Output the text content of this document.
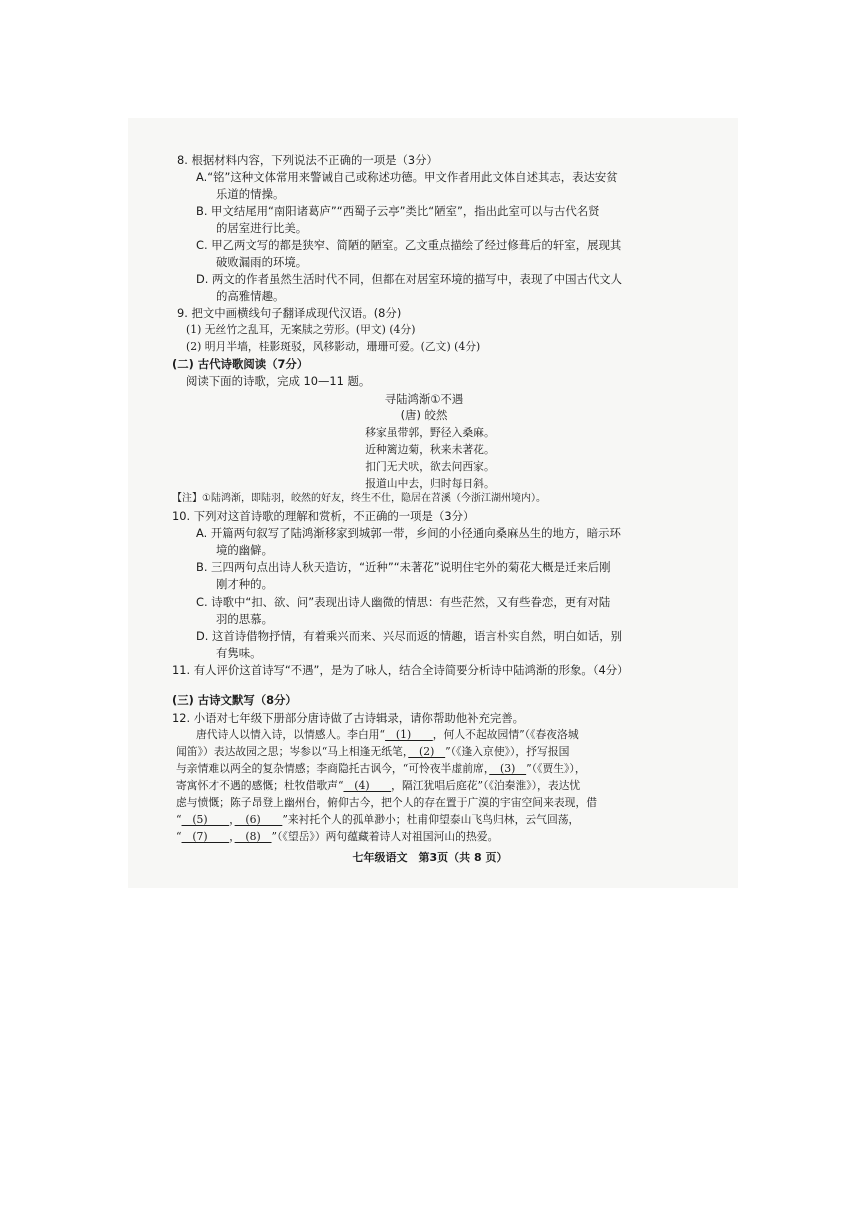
8. 根据材料内容，下列说法不正确的一项是（3分）
A.“铭”这种文体常用来警诫自己或称述功德。甲文作者用此文体自述其志，表达安贫
乐道的情操。
B. 甲文结尾用“南阳诸葛庐”“西蜀子云亭”类比“陋室”，指出此室可以与古代名贤
的居室进行比美。
C. 甲乙两文写的都是狭窄、简陋的陋室。乙文重点描绘了经过修葺后的轩室，展现其
破败漏雨的环境。
D. 两文的作者虽然生活时代不同，但都在对居室环境的描写中，表现了中国古代文人
的高雅情趣。
9. 把文中画横线句子翻译成现代汉语。(8分)
(1) 无丝竹之乱耳，无案牍之劳形。(甲文) (4分)
(2) 明月半墙，桂影斑驳，风移影动，珊珊可爱。(乙文) (4分)
(二) 古代诗歌阅读（7分）
阅读下面的诗歌，完成 10—11 题。
寻陆鸿渐①不遇
(唐) 皎然
移家虽带郭，野径入桑麻。
近种篱边菊，秋来未著花。
扣门无犬吠，欲去问西家。
报道山中去，归时每日斜。
【注】①陆鸿渐，即陆羽，皎然的好友，终生不仕，隐居在苕溪（今浙江湖州境内）。
10. 下列对这首诗歌的理解和赏析，不正确的一项是（3分）
A. 开篇两句叙写了陆鸿渐移家到城郭一带，乡间的小径通向桑麻丛生的地方，暗示环
境的幽僻。
B. 三四两句点出诗人秋天造访，“近种”“未著花”说明住宅外的菊花大概是迁来后刚
刚才种的。
C. 诗歌中“扣、欲、问”表现出诗人幽微的情思：有些茫然，又有些眷恋，更有对陆
羽的思慕。
D. 这首诗借物抒情，有着乘兴而来、兴尽而返的情趣，语言朴实自然，明白如话，别
有隽味。
11. 有人评价这首诗写“不遇”，是为了咏人，结合全诗简要分析诗中陆鸿渐的形象。（4分）
(三) 古诗文默写（8分）
12. 小语对七年级下册部分唐诗做了古诗辑录，请你帮助他补充完善。
唐代诗人以情入诗，以情感人。李白用“　(1)　　，何人不起故园情”（《春夜洛城
闻笛》）表达故园之思；岑参以“马上相逢无纸笔，　(2)　”（《逢入京使》），抒写报国
与亲情难以两全的复杂情感；李商隐托古讽今，“可怜夜半虚前席，　(3)　”（《贾生》），
寄寓怀才不遇的感慨；杜牧借歌声“　(4)　　，隔江犹唱后庭花”（《泊秦淮》），表达忧
虑与愤慨；陈子昂登上幽州台，俯仰古今，把个人的存在置于广漠的宇宙空间来表现，借
“　(5)　　，　(6)　　”来衬托个人的孤单渺小；杜甫仰望泰山飞鸟归林，云气回荡，
“　(7)　　，　(8)　”（《望岳》）两句蕴藏着诗人对祖国河山的热爱。
七年级语文　第3页（共 8 页）
